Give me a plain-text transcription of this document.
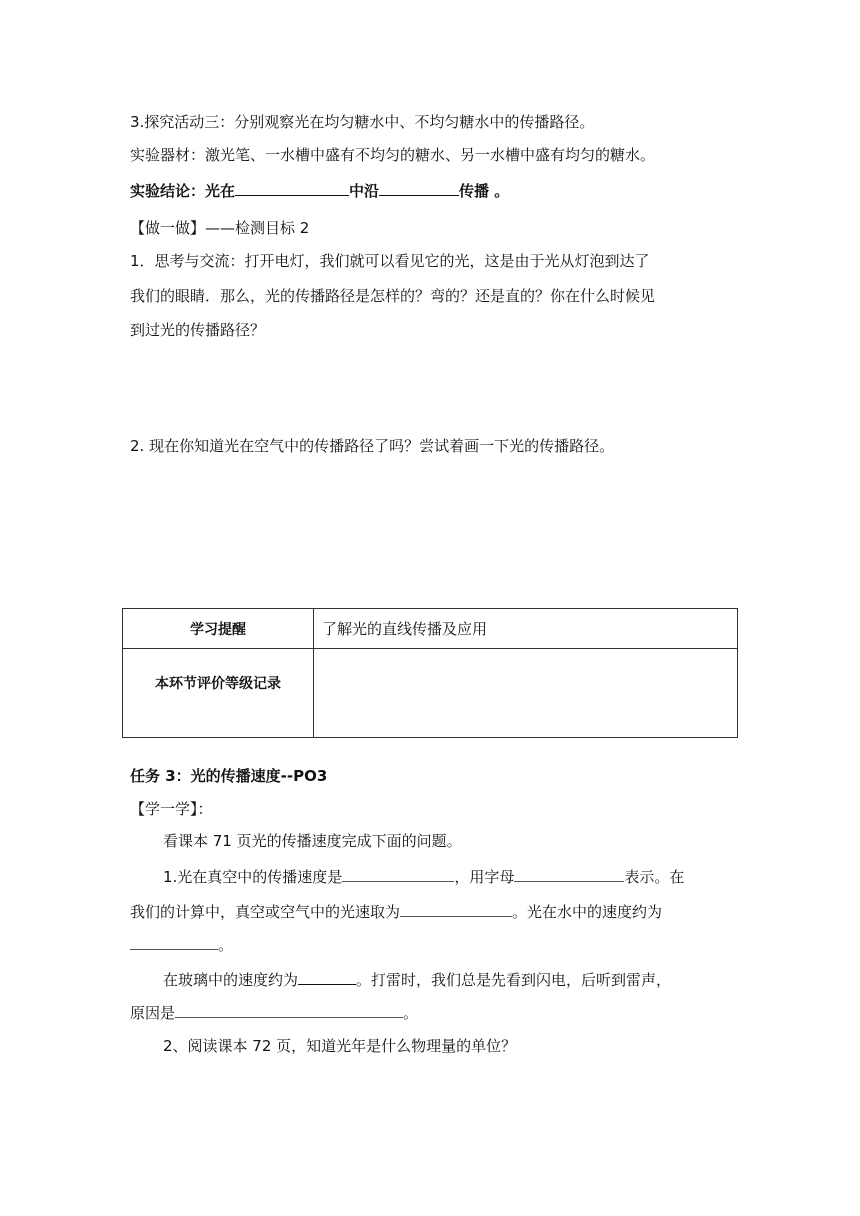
3.探究活动三：分别观察光在均匀糖水中、不均匀糖水中的传播路径。
实验器材：激光笔、一水槽中盛有不均匀的糖水、另一水槽中盛有均匀的糖水。
实验结论：光在	中沿	传播 。
【做一做】——检测目标 2
1．思考与交流：打开电灯，我们就可以看见它的光，这是由于光从灯泡到达了
我们的眼睛．那么，光的传播路径是怎样的？弯的？还是直的？你在什么时候见
到过光的传播路径？
2. 现在你知道光在空气中的传播路径了吗？尝试着画一下光的传播路径。
学习提醒	了解光的直线传播及应用
本环节评价等级记录	
任务 3：光的传播速度--PO3
【学一学】：
看课本 71 页光的传播速度完成下面的问题。
1.光在真空中的传播速度是	，用字母	表示。在
我们的计算中，真空或空气中的光速取为	。光在水中的速度约为
。
在玻璃中的速度约为	。打雷时，我们总是先看到闪电，后听到雷声，
原因是	。
2、阅读课本 72 页，知道光年是什么物理量的单位？
